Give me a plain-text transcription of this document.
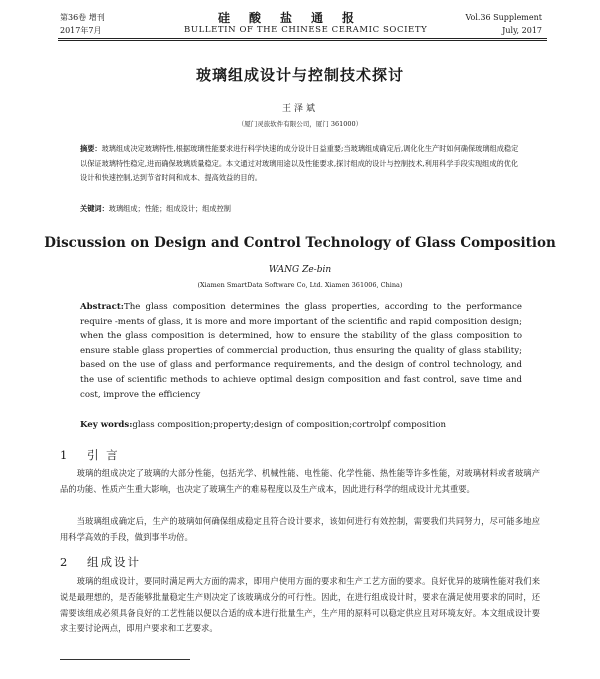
第36卷 增刊
2017年7月
硅酸盐通报
BULLETIN OF THE CHINESE CERAMIC SOCIETY
Vol.36 Supplement
July, 2017
玻璃组成设计与控制技术探讨
王泽斌
（厦门灵旅软件有限公司，厦门 361000）
摘要：玻璃组成决定玻璃特性,根据玻璃性能要求进行科学快速的成分设计日益重要;当玻璃组成确定后,调化化生产时如何确保玻璃组成稳定以保证玻璃特性稳定,进而确保玻璃质量稳定。本文通过对玻璃用途以及性能要求,探讨组成的设计与控制技术,利用科学手段实现组成的优化设计和快速控制,达到节省时间和成本、提高效益的目的。
关键词：玻璃组成；性能；组成设计；组成控制
Discussion on Design and Control Technology of Glass Composition
WANG Ze-bin
(Xiamen SmartData Software Co, Ltd. Xiamen 361006, China)
Abstract:The glass composition determines the glass properties, according to the performance require -ments of glass, it is more and more important of the scientific and rapid composition design; when the glass composition is determined, how to ensure the stability of the glass composition to ensure stable glass properties of commercial production, thus ensuring the quality of glass stability; based on the use of glass and performance requirements, and the design of control technology, and the use of scientific methods to achieve optimal design composition and fast control, save time and cost, improve the efficiency
Key words:glass composition;property;design of composition;cortrolpf composition
1 引 言
玻璃的组成决定了玻璃的大部分性能，包括光学、机械性能、电性能、化学性能、热性能等许多性能，对玻璃材料或者玻璃产品的功能、性质产生重大影响，也决定了玻璃生产的难易程度以及生产成本，因此进行科学的组成设计尤其重要。
当玻璃组成确定后，生产的玻璃如何确保组成稳定且符合设计要求，该如何进行有效控制，需要我们共同努力，尽可能多地应用科学高效的手段，做到事半功倍。
2 组成设计
玻璃的组成设计，要同时满足两大方面的需求，即用户使用方面的要求和生产工艺方面的要求。良好优异的玻璃性能对我们来说是最理想的，是否能够批量稳定生产则决定了该玻璃成分的可行性。因此，在进行组成设计时，要求在满足使用要求的同时，还需要该组成必须具备良好的工艺性能以便以合适的成本进行批量生产，生产用的原料可以稳定供应且对环境友好。本文组成设计要求主要讨论两点，即用户要求和工艺要求。
